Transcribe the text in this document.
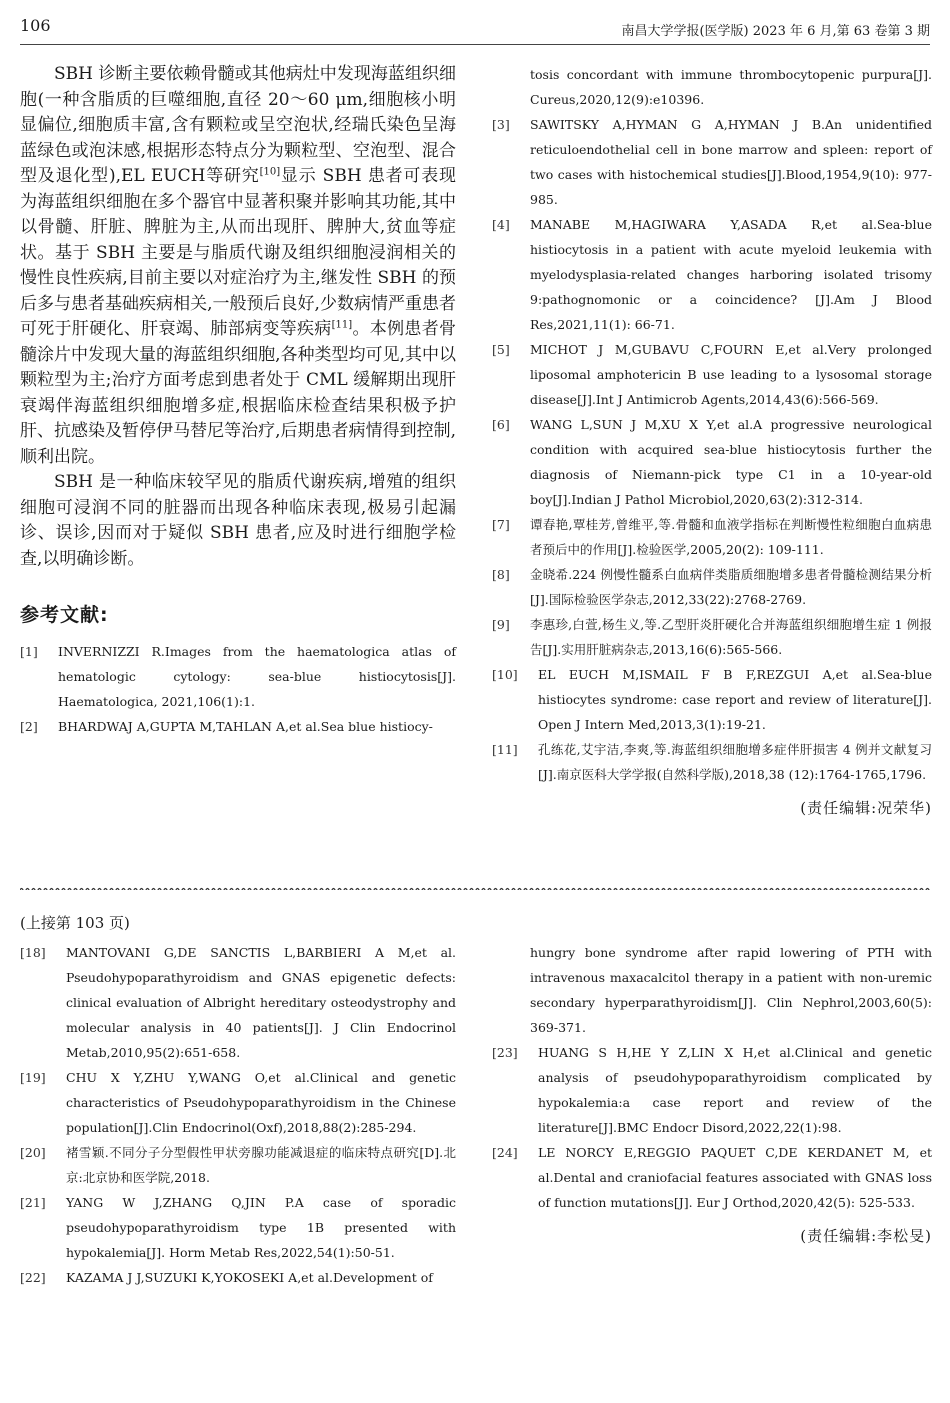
106	南昌大学学报(医学版) 2023 年 6 月,第 63 卷第 3 期

SBH 诊断主要依赖骨髓或其他病灶中发现海蓝组织细胞(一种含脂质的巨噬细胞,直径 20～60 μm,细胞核小明显偏位,细胞质丰富,含有颗粒或呈空泡状,经瑞氏染色呈海蓝绿色或泡沫感,根据形态特点分为颗粒型、空泡型、混合型及退化型),EL EUCH等研究[10]显示 SBH 患者可表现为海蓝组织细胞在多个器官中显著积聚并影响其功能,其中以骨髓、肝脏、脾脏为主,从而出现肝、脾肿大,贫血等症状。基于 SBH 主要是与脂质代谢及组织细胞浸润相关的慢性良性疾病,目前主要以对症治疗为主,继发性 SBH 的预后多与患者基础疾病相关,一般预后良好,少数病情严重患者可死于肝硬化、肝衰竭、肺部病变等疾病[11]。本例患者骨髓涂片中发现大量的海蓝组织细胞,各种类型均可见,其中以颗粒型为主;治疗方面考虑到患者处于 CML 缓解期出现肝衰竭伴海蓝组织细胞增多症,根据临床检查结果积极予护肝、抗感染及暂停伊马替尼等治疗,后期患者病情得到控制,顺利出院。

SBH 是一种临床较罕见的脂质代谢疾病,增殖的组织细胞可浸润不同的脏器而出现各种临床表现,极易引起漏诊、误诊,因而对于疑似 SBH 患者,应及时进行细胞学检查,以明确诊断。

参考文献:
[1]	INVERNIZZI R.Images from the haematologica atlas of hematologic cytology: sea-blue histiocytosis[J]. Haematologica, 2021,106(1):1.
[2]	BHARDWAJ A,GUPTA M,TAHLAN A,et al.Sea blue histiocy-
tosis concordant with immune thrombocytopenic purpura[J]. Cureus,2020,12(9):e10396.
[3]	SAWITSKY A,HYMAN G A,HYMAN J B.An unidentified reticuloendothelial cell in bone marrow and spleen: report of two cases with histochemical studies[J].Blood,1954,9(10): 977-985.
[4]	MANABE M,HAGIWARA Y,ASADA R,et al.Sea-blue histiocytosis in a patient with acute myeloid leukemia with myelodysplasia-related changes harboring isolated trisomy 9:pathognomonic or a coincidence? [J].Am J Blood Res,2021,11(1): 66-71.
[5]	MICHOT J M,GUBAVU C,FOURN E,et al.Very prolonged liposomal amphotericin B use leading to a lysosomal storage disease[J].Int J Antimicrob Agents,2014,43(6):566-569.
[6]	WANG L,SUN J M,XU X Y,et al.A progressive neurological condition with acquired sea-blue histiocytosis further the diagnosis of Niemann-pick type C1 in a 10-year-old boy[J].Indian J Pathol Microbiol,2020,63(2):312-314.
[7]	谭春艳,覃桂芳,曾维平,等.骨髓和血液学指标在判断慢性粒细胞白血病患者预后中的作用[J].检验医学,2005,20(2): 109-111.
[8]	金晓希.224 例慢性髓系白血病伴类脂质细胞增多患者骨髓检测结果分析[J].国际检验医学杂志,2012,33(22):2768-2769.
[9]	李惠珍,白萱,杨生义,等.乙型肝炎肝硬化合并海蓝组织细胞增生症 1 例报告[J].实用肝脏病杂志,2013,16(6):565-566.
[10]	EL EUCH M,ISMAIL F B F,REZGUI A,et al.Sea-blue histiocytes syndrome: case report and review of literature[J]. Open J Intern Med,2013,3(1):19-21.
[11]	孔练花,艾宇洁,李爽,等.海蓝组织细胞增多症伴肝损害 4 例并文献复习[J].南京医科大学学报(自然科学版),2018,38 (12):1764-1765,1796.
(责任编辑:况荣华)
(上接第 103 页)
[18]	MANTOVANI G,DE SANCTIS L,BARBIERI A M,et al. Pseudohypoparathyroidism and GNAS epigenetic defects: clinical evaluation of Albright hereditary osteodystrophy and molecular analysis in 40 patients[J]. J Clin Endocrinol Metab,2010,95(2):651-658.
[19]	CHU X Y,ZHU Y,WANG O,et al.Clinical and genetic characteristics of Pseudohypoparathyroidism in the Chinese population[J].Clin Endocrinol(Oxf),2018,88(2):285-294.
[20]	褚雪颖.不同分子分型假性甲状旁腺功能减退症的临床特点研究[D].北京:北京协和医学院,2018.
[21]	YANG W J,ZHANG Q,JIN P.A case of sporadic pseudohypoparathyroidism type 1B presented with hypokalemia[J]. Horm Metab Res,2022,54(1):50-51.
[22]	KAZAMA J J,SUZUKI K,YOKOSEKI A,et al.Development of
hungry bone syndrome after rapid lowering of PTH with intravenous maxacalcitol therapy in a patient with non-uremic secondary hyperparathyroidism[J]. Clin Nephrol,2003,60(5): 369-371.
[23]	HUANG S H,HE Y Z,LIN X H,et al.Clinical and genetic analysis of pseudohypoparathyroidism complicated by hypokalemia:a case report and review of the literature[J].BMC Endocr Disord,2022,22(1):98.
[24]	LE NORCY E,REGGIO PAQUET C,DE KERDANET M, et al.Dental and craniofacial features associated with GNAS loss of function mutations[J]. Eur J Orthod,2020,42(5): 525-533.
(责任编辑:李松旻)
